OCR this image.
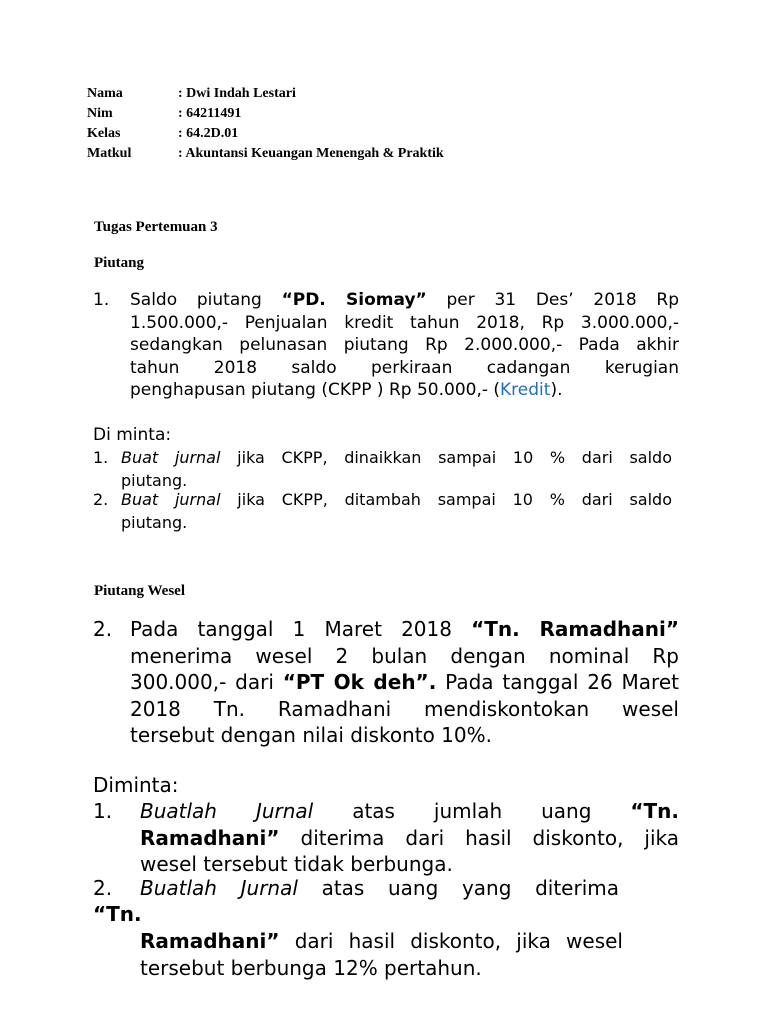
Nama	: Dwi Indah Lestari
Nim	: 64211491
Kelas	: 64.2D.01
Matkul	: Akuntansi Keuangan Menengah & Praktik
Tugas Pertemuan 3
Piutang
1. Saldo piutang “PD. Siomay” per 31 Des’ 2018 Rp
1.500.000,- Penjualan kredit tahun 2018, Rp 3.000.000,-
sedangkan pelunasan piutang Rp 2.000.000,- Pada akhir
tahun 2018 saldo perkiraan cadangan kerugian
penghapusan piutang (CKPP ) Rp 50.000,- (Kredit).
Di minta:
1. Buat jurnal jika CKPP, dinaikkan sampai 10 % dari saldo
piutang.
2. Buat jurnal jika CKPP, ditambah sampai 10 % dari saldo
piutang.
Piutang Wesel
2. Pada tanggal 1 Maret 2018 “Tn. Ramadhani”
menerima wesel 2 bulan dengan nominal Rp
300.000,- dari “PT Ok deh”. Pada tanggal 26 Maret
2018 Tn. Ramadhani mendiskontokan wesel
tersebut dengan nilai diskonto 10%.
Diminta:
1. Buatlah Jurnal atas jumlah uang “Tn.
Ramadhani” diterima dari hasil diskonto, jika
wesel tersebut tidak berbunga.
2. Buatlah Jurnal atas uang yang diterima
“Tn.
Ramadhani” dari hasil diskonto, jika wesel
tersebut berbunga 12% pertahun.
